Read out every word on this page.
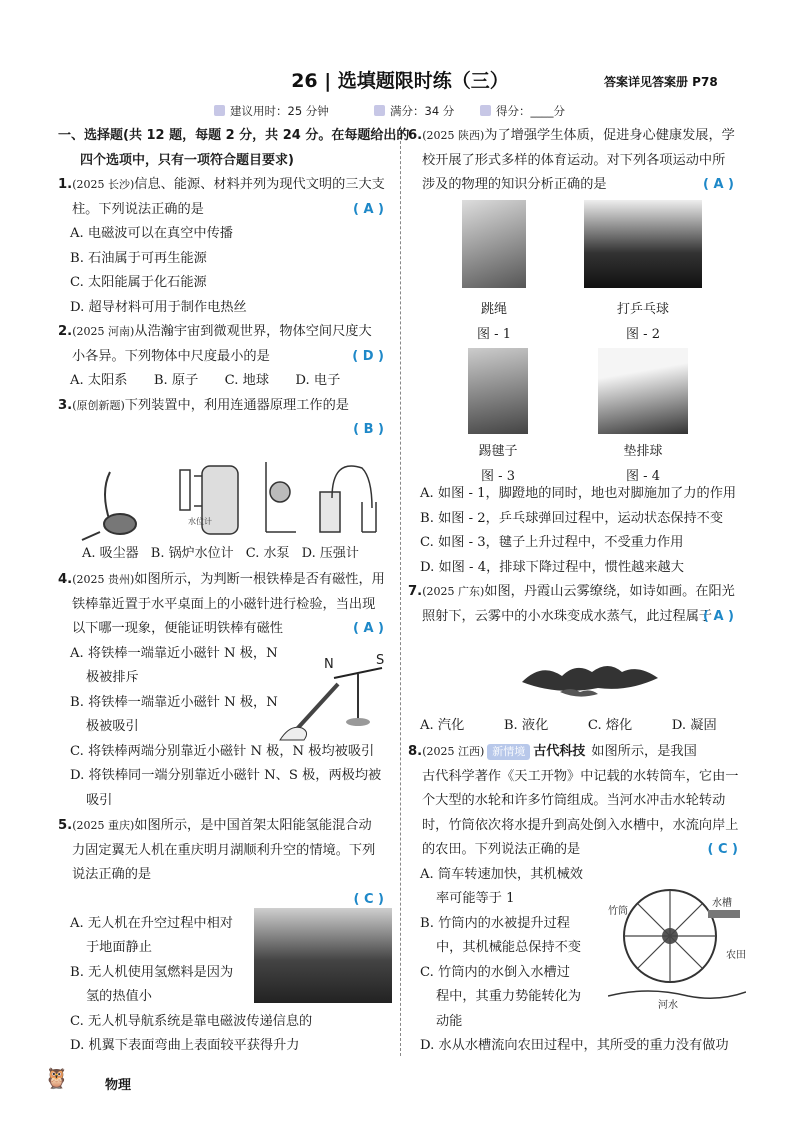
26 | 选填题限时练（三）	答案详见答案册 P78
建议用时：25 分钟	满分：34 分	得分：____分

一、选择题(共 12 题，每题 2 分，共 24 分。在每题给出的

四个选项中，只有一项符合题目要求)

1.(2025 长沙)信息、能源、材料并列为现代文明的三大支

柱。下列说法正确的是	( A )

A. 电磁波可以在真空中传播

B. 石油属于可再生能源

C. 太阳能属于化石能源

D. 超导材料可用于制作电热丝

2.(2025 河南)从浩瀚宇宙到微观世界，物体空间尺度大

小各异。下列物体中尺度最小的是	( D )

A. 太阳系　　B. 原子　　C. 地球　　D. 电子

3.(原创新题)下列装置中，利用连通器原理工作的是

( B )

水位计
A. 吸尘器 B. 锅炉水位计 C. 水泵 D. 压强计

4.(2025 贵州)如图所示，为判断一根铁棒是否有磁性，用

铁棒靠近置于水平桌面上的小磁针进行检验，当出现

以下哪一现象，便能证明铁棒有磁性	( A )

A. 将铁棒一端靠近小磁针 N 极，N

极被排斥

B. 将铁棒一端靠近小磁针 N 极，N

极被吸引

C. 将铁棒两端分别靠近小磁针 N 极，N 极均被吸引

D. 将铁棒同一端分别靠近小磁针 N、S 极，两极均被

吸引

N	S

5.(2025 重庆)如图所示，是中国首架太阳能氢能混合动

力固定翼无人机在重庆明月湖顺利升空的情境。下列

说法正确的是

( C )

A. 无人机在升空过程中相对

于地面静止

B. 无人机使用氢燃料是因为

氢的热值小

C. 无人机导航系统是靠电磁波传递信息的

D. 机翼下表面弯曲上表面较平获得升力

6.(2025 陕西)为了增强学生体质，促进身心健康发展，学

校开展了形式多样的体育运动。对下列各项运动中所

涉及的物理的知识分析正确的是	( A )

跳绳	打乒乓球
图 - 1	图 - 2
踢毽子	垫排球
图 - 3	图 - 4

A. 如图 - 1，脚蹬地的同时，地也对脚施加了力的作用

B. 如图 - 2，乒乓球弹回过程中，运动状态保持不变

C. 如图 - 3，毽子上升过程中，不受重力作用

D. 如图 - 4，排球下降过程中，惯性越来越大

7.(2025 广东)如图，丹霞山云雾缭绕，如诗如画。在阳光

照射下，云雾中的小水珠变成水蒸气，此过程属于
( A )

A. 汽化　　　B. 液化　　　C. 熔化　　　D. 凝固

8.(2025 江西) 新情境 古代科技 如图所示，是我国

古代科学著作《天工开物》中记载的水转筒车，它由一

个大型的水轮和许多竹筒组成。当河水冲击水轮转动

时，竹筒依次将水提升到高处倒入水槽中，水流向岸上

的农田。下列说法正确的是	( C )

A. 筒车转速加快，其机械效

率可能等于 1

B. 竹筒内的水被提升过程

中，其机械能总保持不变

C. 竹筒内的水倒入水槽过

程中，其重力势能转化为

动能

D. 水从水槽流向农田过程中，其所受的重力没有做功

竹筒
水槽
农田
河水
🦉	物理
